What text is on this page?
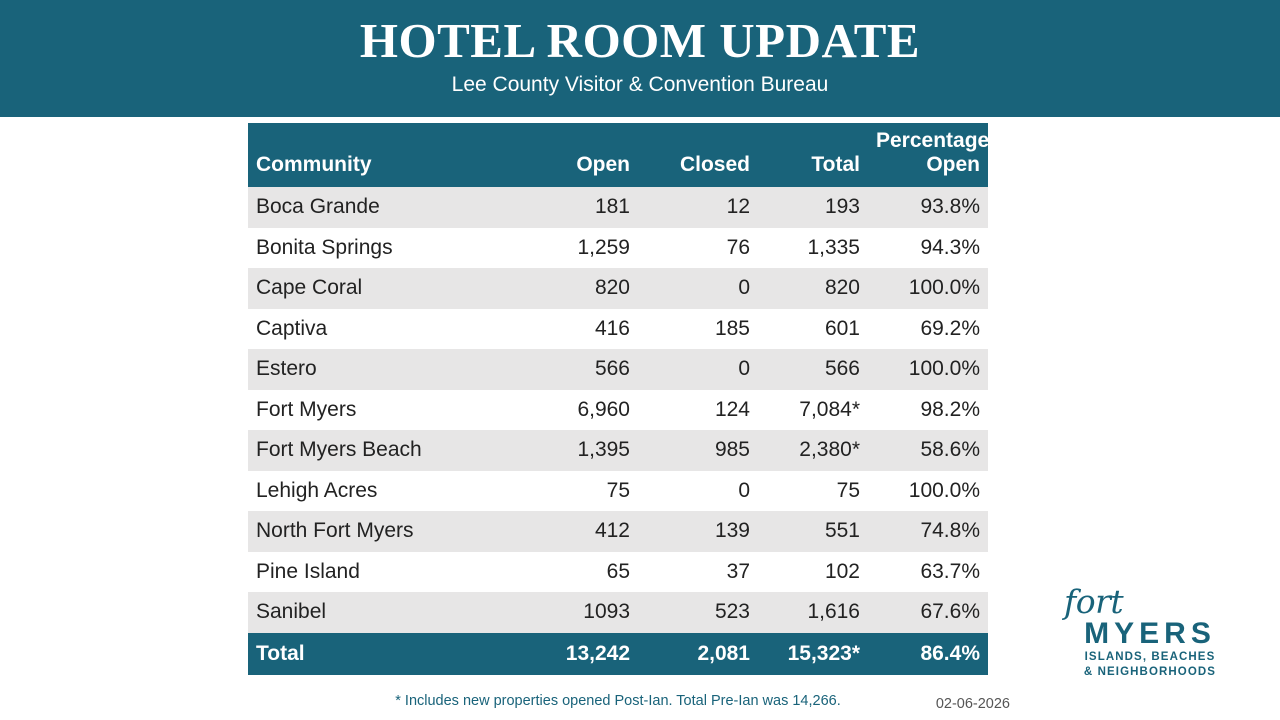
HOTEL ROOM UPDATE
Lee County Visitor & Convention Bureau
Community	Open	Closed	Total	Percentage
Open

Boca Grande	181	12	193	93.8%
Bonita Springs	1,259	76	1,335	94.3%
Cape Coral	820	0	820	100.0%
Captiva	416	185	601	69.2%
Estero	566	0	566	100.0%
Fort Myers	6,960	124	7,084*	98.2%
Fort Myers Beach	1,395	985	2,380*	58.6%
Lehigh Acres	75	0	75	100.0%
North Fort Myers	412	139	551	74.8%
Pine Island	65	37	102	63.7%
Sanibel	1093	523	1,616	67.6%
Total	13,242	2,081	15,323*	86.4%
* Includes new properties opened Post-Ian. Total Pre-Ian was 14,266.	02-06-2026
fort
MYERS
ISLANDS, BEACHES
& NEIGHBORHOODS
